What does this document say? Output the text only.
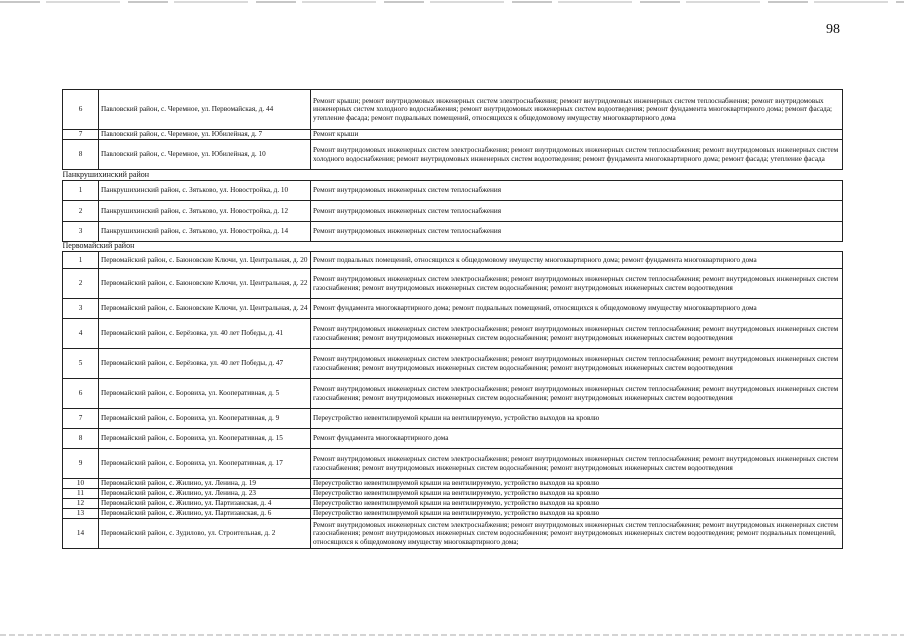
98
6	Павловский район, с. Черемное, ул. Первомайская, д. 44	Ремонт крыши; ремонт внутридомовых инженерных систем электроснабжения; ремонт внутридомовых инженерных систем теплоснабжения; ремонт внутридомовых инженерных систем холодного водоснабжения; ремонт внутридомовых инженерных систем водоотведения; ремонт фундамента многоквартирного дома; ремонт фасада; утепление фасада; ремонт подвальных помещений, относящихся к общедомовому имуществу многоквартирного дома
7	Павловский район, с. Черемное, ул. Юбилейная, д. 7	Ремонт крыши
8	Павловский район, с. Черемное, ул. Юбилейная, д. 10	Ремонт внутридомовых инженерных систем электроснабжения; ремонт внутридомовых инженерных систем теплоснабжения; ремонт внутридомовых инженерных систем холодного водоснабжения; ремонт внутридомовых инженерных систем водоотведения; ремонт фундамента многоквартирного дома; ремонт фасада; утепление фасада
Панкрушихинский район		
1	Панкрушихинский район, с. Зятьково, ул. Новостройка, д. 10	Ремонт внутридомовых инженерных систем теплоснабжения
2	Панкрушихинский район, с. Зятьково, ул. Новостройка, д. 12	Ремонт внутридомовых инженерных систем теплоснабжения
3	Панкрушихинский район, с. Зятьково, ул. Новостройка, д. 14	Ремонт внутридомовых инженерных систем теплоснабжения
Первомайский район		
1	Первомайский район, с. Баюновские Ключи, ул. Центральная, д. 20	Ремонт подвальных помещений, относящихся к общедомовому имуществу многоквартирного дома; ремонт фундамента многоквартирного дома
2	Первомайский район, с. Баюновские Ключи, ул. Центральная, д. 22	Ремонт внутридомовых инженерных систем электроснабжения; ремонт внутридомовых инженерных систем теплоснабжения; ремонт внутридомовых инженерных систем газоснабжения; ремонт внутридомовых инженерных систем водоснабжения; ремонт внутридомовых инженерных систем водоотведения
3	Первомайский район, с. Баюновские Ключи, ул. Центральная, д. 24	Ремонт фундамента многоквартирного дома; ремонт подвальных помещений, относящихся к общедомовому имуществу многоквартирного дома
4	Первомайский район, с. Берёзовка, ул. 40 лет Победы, д. 41	Ремонт внутридомовых инженерных систем электроснабжения; ремонт внутридомовых инженерных систем теплоснабжения; ремонт внутридомовых инженерных систем газоснабжения; ремонт внутридомовых инженерных систем водоснабжения; ремонт внутридомовых инженерных систем водоотведения
5	Первомайский район, с. Берёзовка, ул. 40 лет Победы, д. 47	Ремонт внутридомовых инженерных систем электроснабжения; ремонт внутридомовых инженерных систем теплоснабжения; ремонт внутридомовых инженерных систем газоснабжения; ремонт внутридомовых инженерных систем водоснабжения; ремонт внутридомовых инженерных систем водоотведения
6	Первомайский район, с. Боровиха, ул. Кооперативная, д. 5	Ремонт внутридомовых инженерных систем электроснабжения; ремонт внутридомовых инженерных систем теплоснабжения; ремонт внутридомовых инженерных систем газоснабжения; ремонт внутридомовых инженерных систем водоснабжения; ремонт внутридомовых инженерных систем водоотведения
7	Первомайский район, с. Боровиха, ул. Кооперативная, д. 9	Переустройство невентилируемой крыши на вентилируемую, устройство выходов на кровлю
8	Первомайский район, с. Боровиха, ул. Кооперативная, д. 15	Ремонт фундамента многоквартирного дома
9	Первомайский район, с. Боровиха, ул. Кооперативная, д. 17	Ремонт внутридомовых инженерных систем электроснабжения; ремонт внутридомовых инженерных систем теплоснабжения; ремонт внутридомовых инженерных систем газоснабжения; ремонт внутридомовых инженерных систем водоснабжения; ремонт внутридомовых инженерных систем водоотведения
10	Первомайский район, с. Жилино, ул. Ленина, д. 19	Переустройство невентилируемой крыши на вентилируемую, устройство выходов на кровлю
11	Первомайский район, с. Жилино, ул. Ленина, д. 23	Переустройство невентилируемой крыши на вентилируемую, устройство выходов на кровлю
12	Первомайский район, с. Жилино, ул. Партизанская, д. 4	Переустройство невентилируемой крыши на вентилируемую, устройство выходов на кровлю
13	Первомайский район, с. Жилино, ул. Партизанская, д. 6	Переустройство невентилируемой крыши на вентилируемую, устройство выходов на кровлю
14	Первомайский район, с. Зудилово, ул. Строительная, д. 2	Ремонт внутридомовых инженерных систем электроснабжения; ремонт внутридомовых инженерных систем теплоснабжения; ремонт внутридомовых инженерных систем газоснабжения; ремонт внутридомовых инженерных систем водоснабжения; ремонт внутридомовых инженерных систем водоотведения; ремонт подвальных помещений, относящихся к общедомовому имуществу многоквартирного дома;
